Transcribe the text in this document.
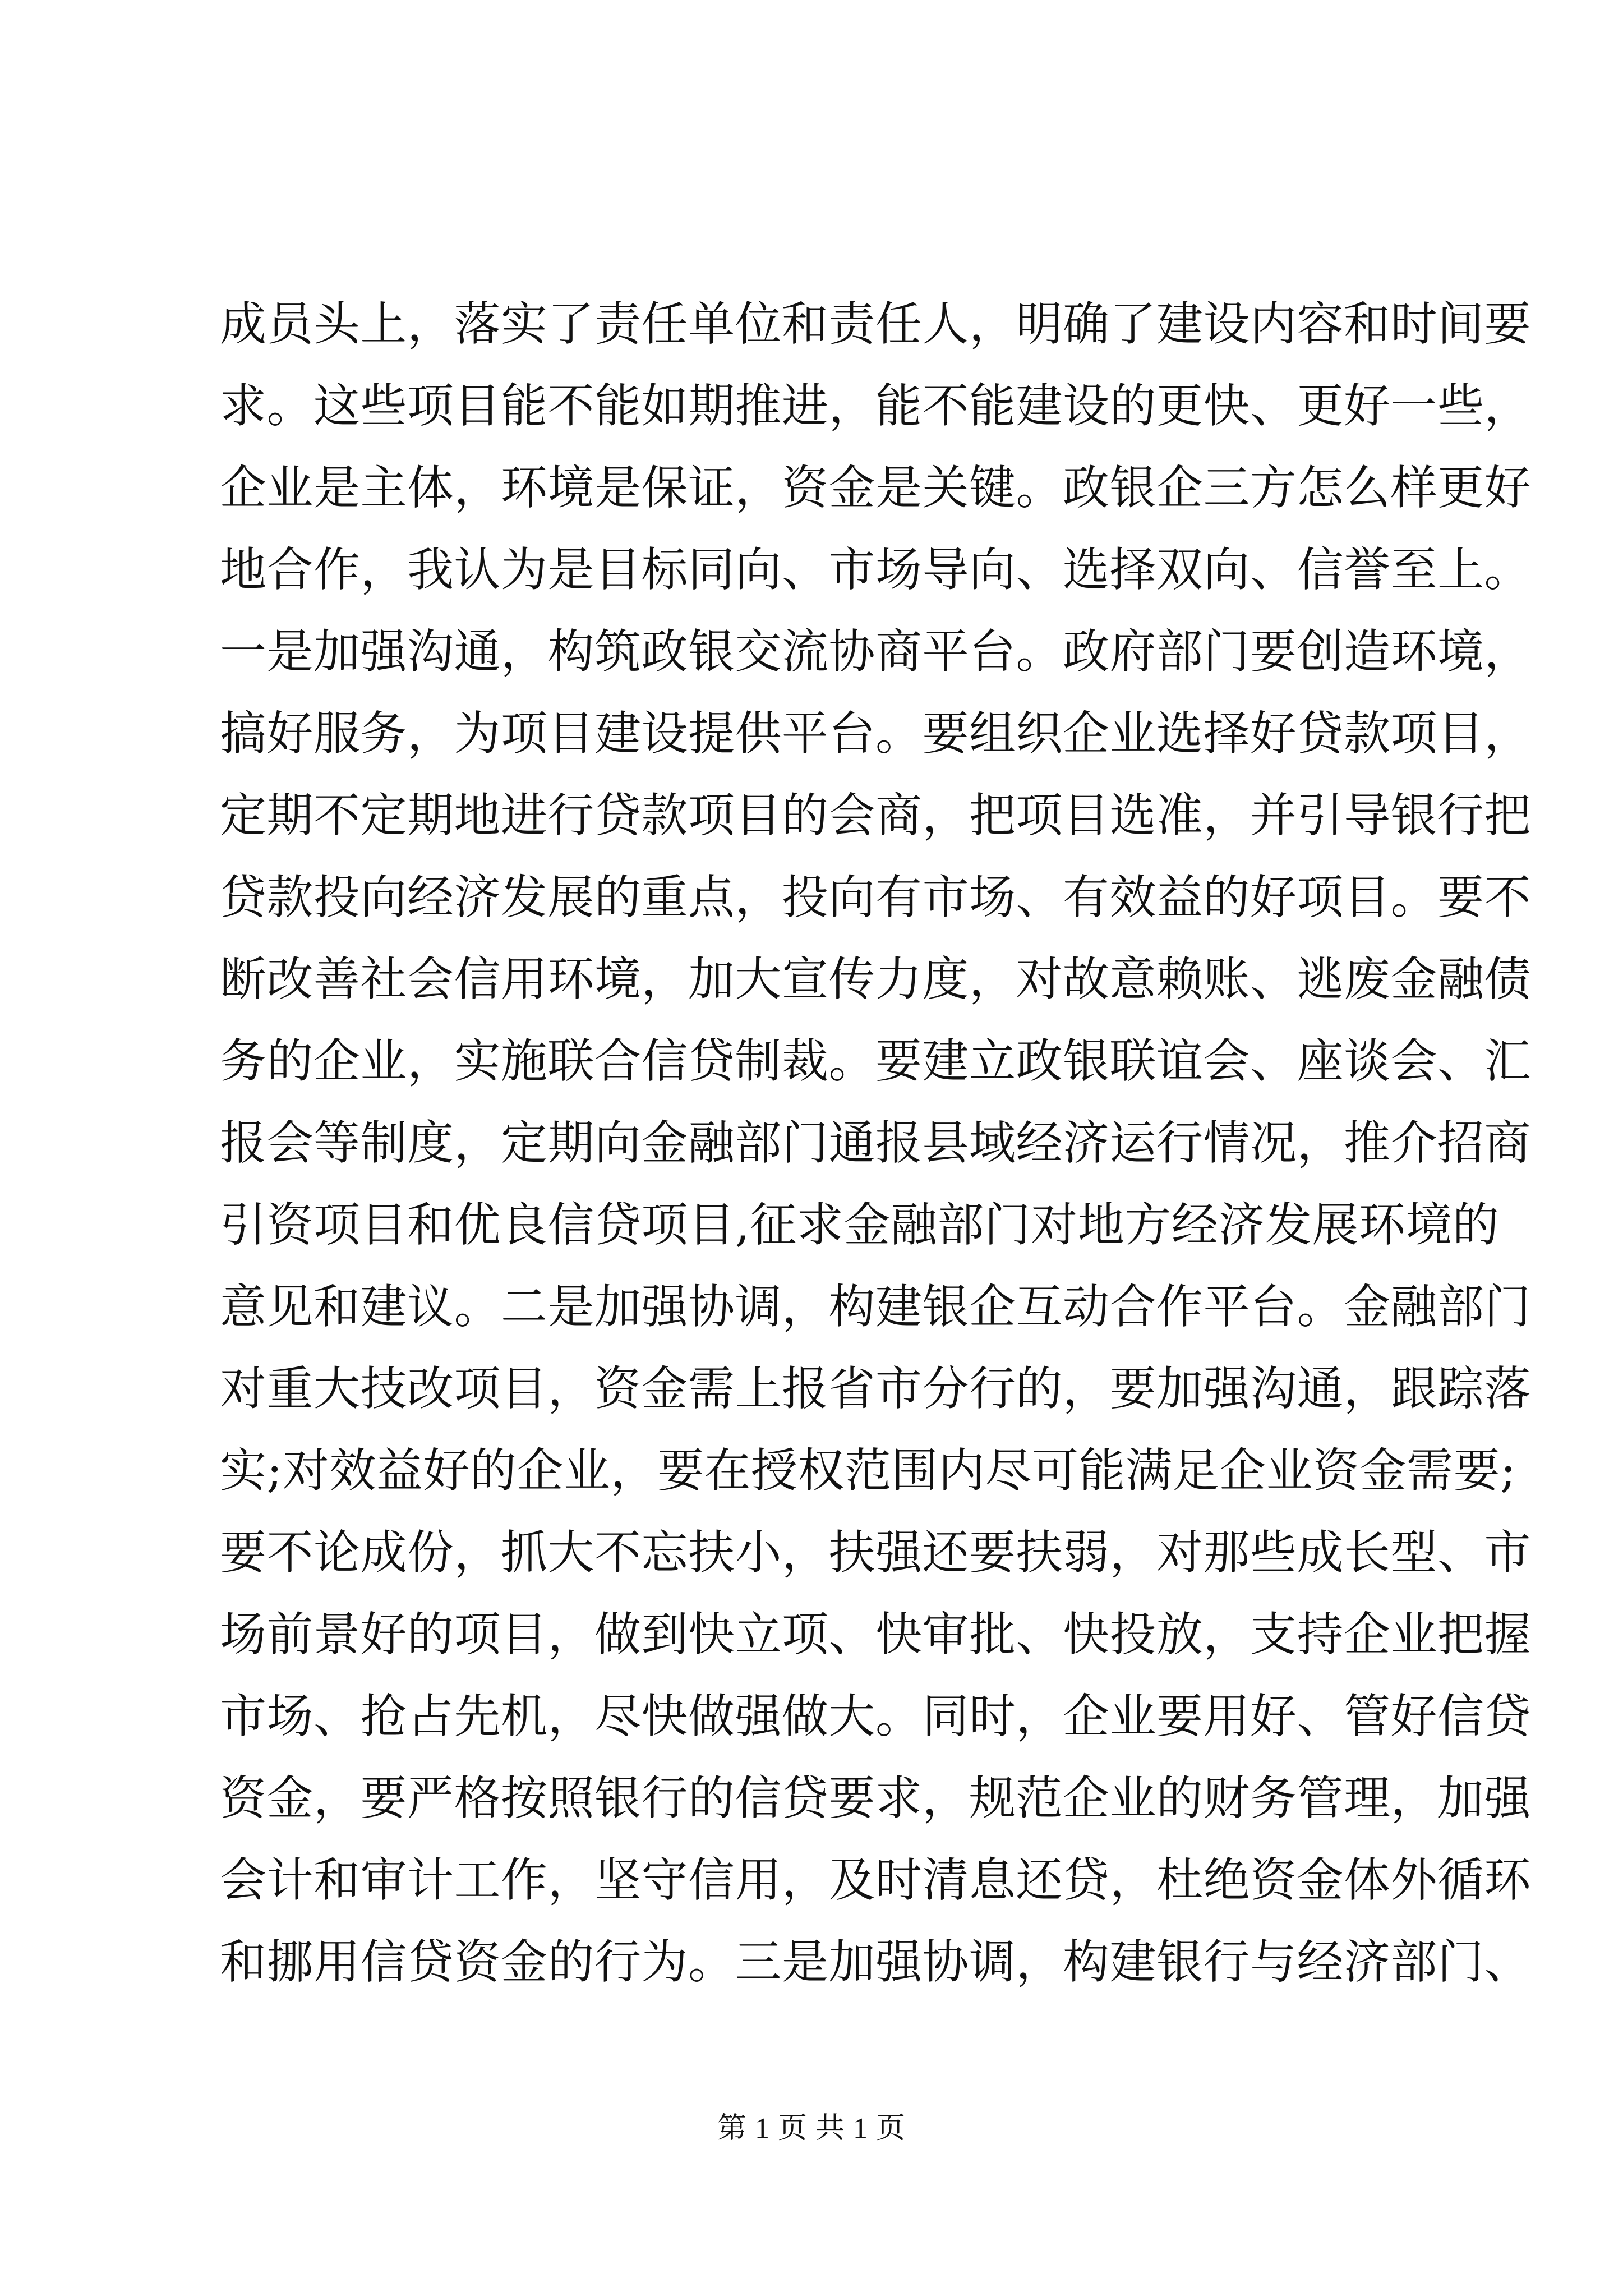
成员头上，落实了责任单位和责任人，明确了建设内容和时间要
求。这些项目能不能如期推进，能不能建设的更快、更好一些，
企业是主体，环境是保证，资金是关键。政银企三方怎么样更好
地合作，我认为是目标同向、市场导向、选择双向、信誉至上。
一是加强沟通，构筑政银交流协商平台。政府部门要创造环境，
搞好服务，为项目建设提供平台。要组织企业选择好贷款项目，
定期不定期地进行贷款项目的会商，把项目选准，并引导银行把
贷款投向经济发展的重点，投向有市场、有效益的好项目。要不
断改善社会信用环境，加大宣传力度，对故意赖账、逃废金融债
务的企业，实施联合信贷制裁。要建立政银联谊会、座谈会、汇
报会等制度，定期向金融部门通报县域经济运行情况，推介招商
引资项目和优良信贷项目,征求金融部门对地方经济发展环境的
意见和建议。二是加强协调，构建银企互动合作平台。金融部门
对重大技改项目，资金需上报省市分行的，要加强沟通，跟踪落
实;对效益好的企业，要在授权范围内尽可能满足企业资金需要;
要不论成份，抓大不忘扶小，扶强还要扶弱，对那些成长型、市
场前景好的项目，做到快立项、快审批、快投放，支持企业把握
市场、抢占先机，尽快做强做大。同时，企业要用好、管好信贷
资金，要严格按照银行的信贷要求，规范企业的财务管理，加强
会计和审计工作，坚守信用，及时清息还贷，杜绝资金体外循环
和挪用信贷资金的行为。三是加强协调，构建银行与经济部门、
第 1 页 共 1 页
